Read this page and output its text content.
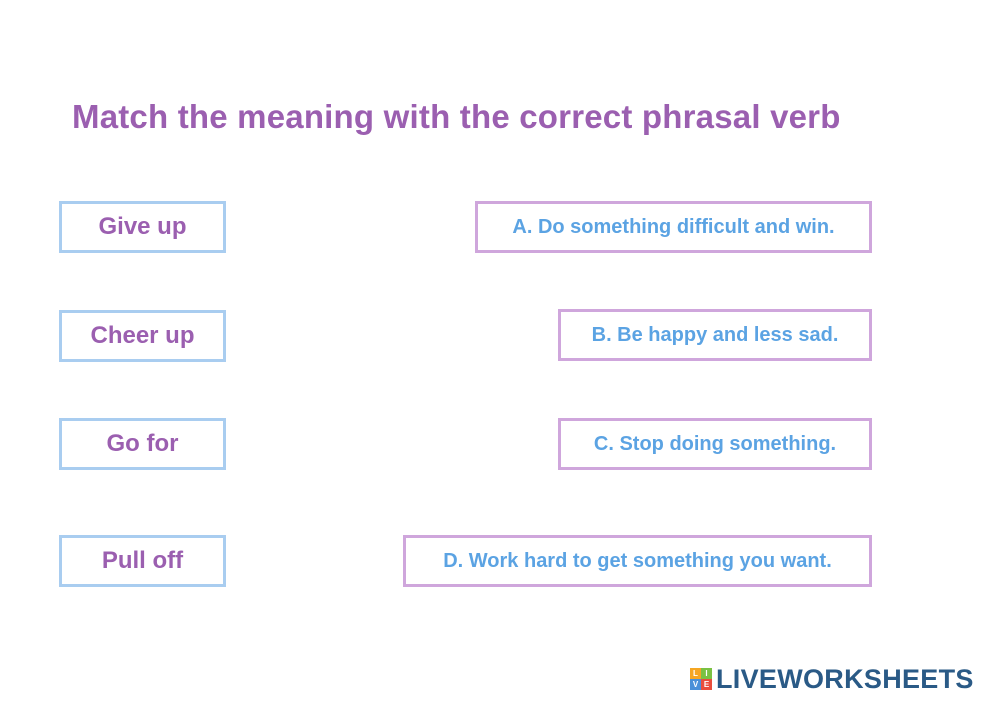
Match the meaning with the correct phrasal verb
Give up
Cheer up
Go for
Pull off
A. Do something difficult and win.
B. Be happy and less sad.
C. Stop doing something.
D. Work hard to get something you want.
L I
V E LIVEWORKSHEETS
